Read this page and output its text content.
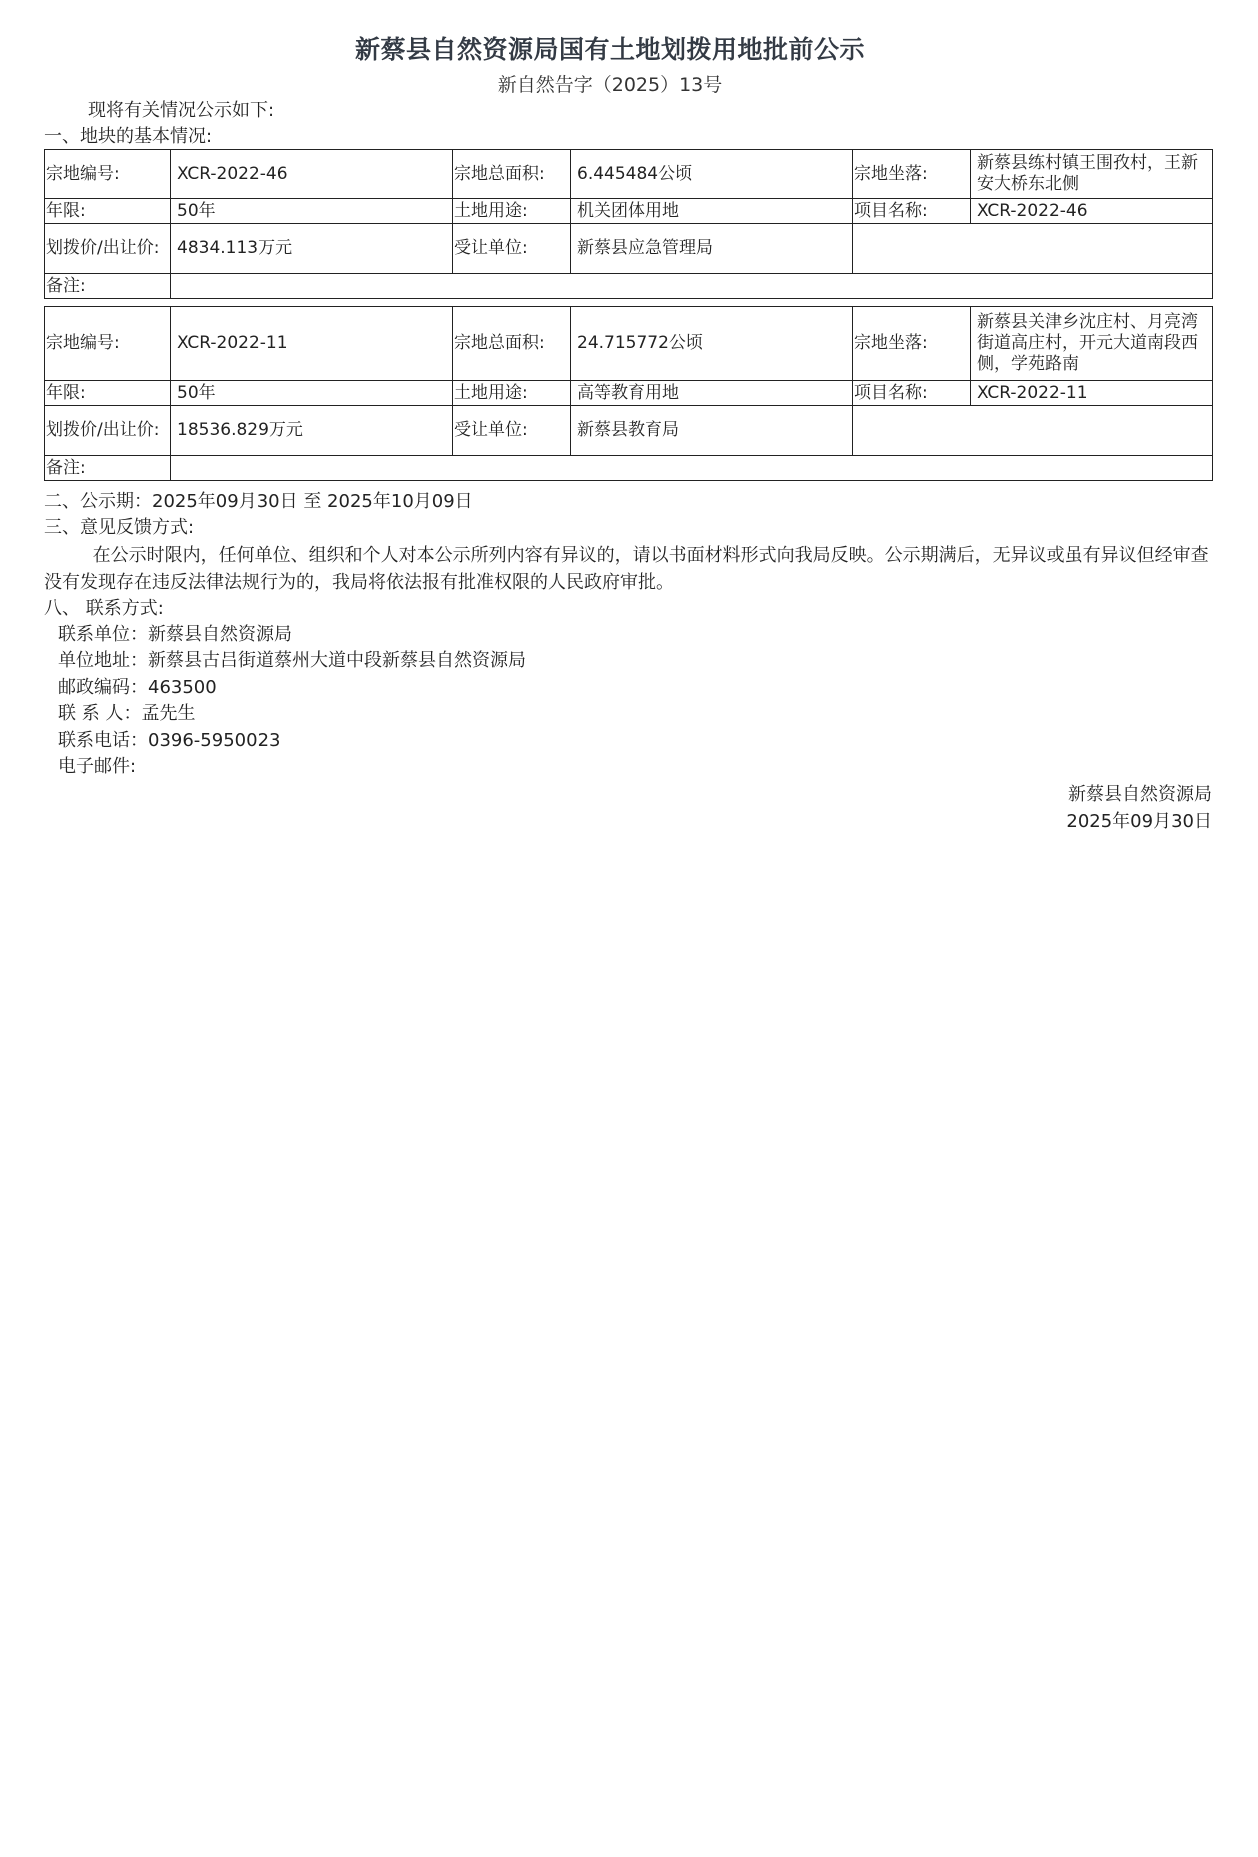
新蔡县自然资源局国有土地划拨用地批前公示
新自然告字（2025）13号
现将有关情况公示如下:
一、地块的基本情况:
宗地编号:	XCR-2022-46	宗地总面积:	6.445484公顷	宗地坐落:	新蔡县练村镇王围孜村，王新安大桥东北侧
年限:	50年	土地用途:	机关团体用地	项目名称:	XCR-2022-46
划拨价/出让价:	4834.113万元	受让单位:	新蔡县应急管理局		
备注:					
宗地编号:	XCR-2022-11	宗地总面积:	24.715772公顷	宗地坐落:	新蔡县关津乡沈庄村、月亮湾街道高庄村，开元大道南段西侧，学苑路南
年限:	50年	土地用途:	高等教育用地	项目名称:	XCR-2022-11
划拨价/出让价:	18536.829万元	受让单位:	新蔡县教育局		
备注:					
二、公示期：2025年09月30日 至 2025年10月09日
三、意见反馈方式:
在公示时限内，任何单位、组织和个人对本公示所列内容有异议的，请以书面材料形式向我局反映。公示期满后，无异议或虽有异议但经审查没有发现存在违反法律法规行为的，我局将依法报有批准权限的人民政府审批。
八、 联系方式:
联系单位：新蔡县自然资源局
单位地址：新蔡县古吕街道蔡州大道中段新蔡县自然资源局
邮政编码：463500
联 系 人：孟先生
联系电话：0396-5950023
电子邮件:
新蔡县自然资源局
2025年09月30日
